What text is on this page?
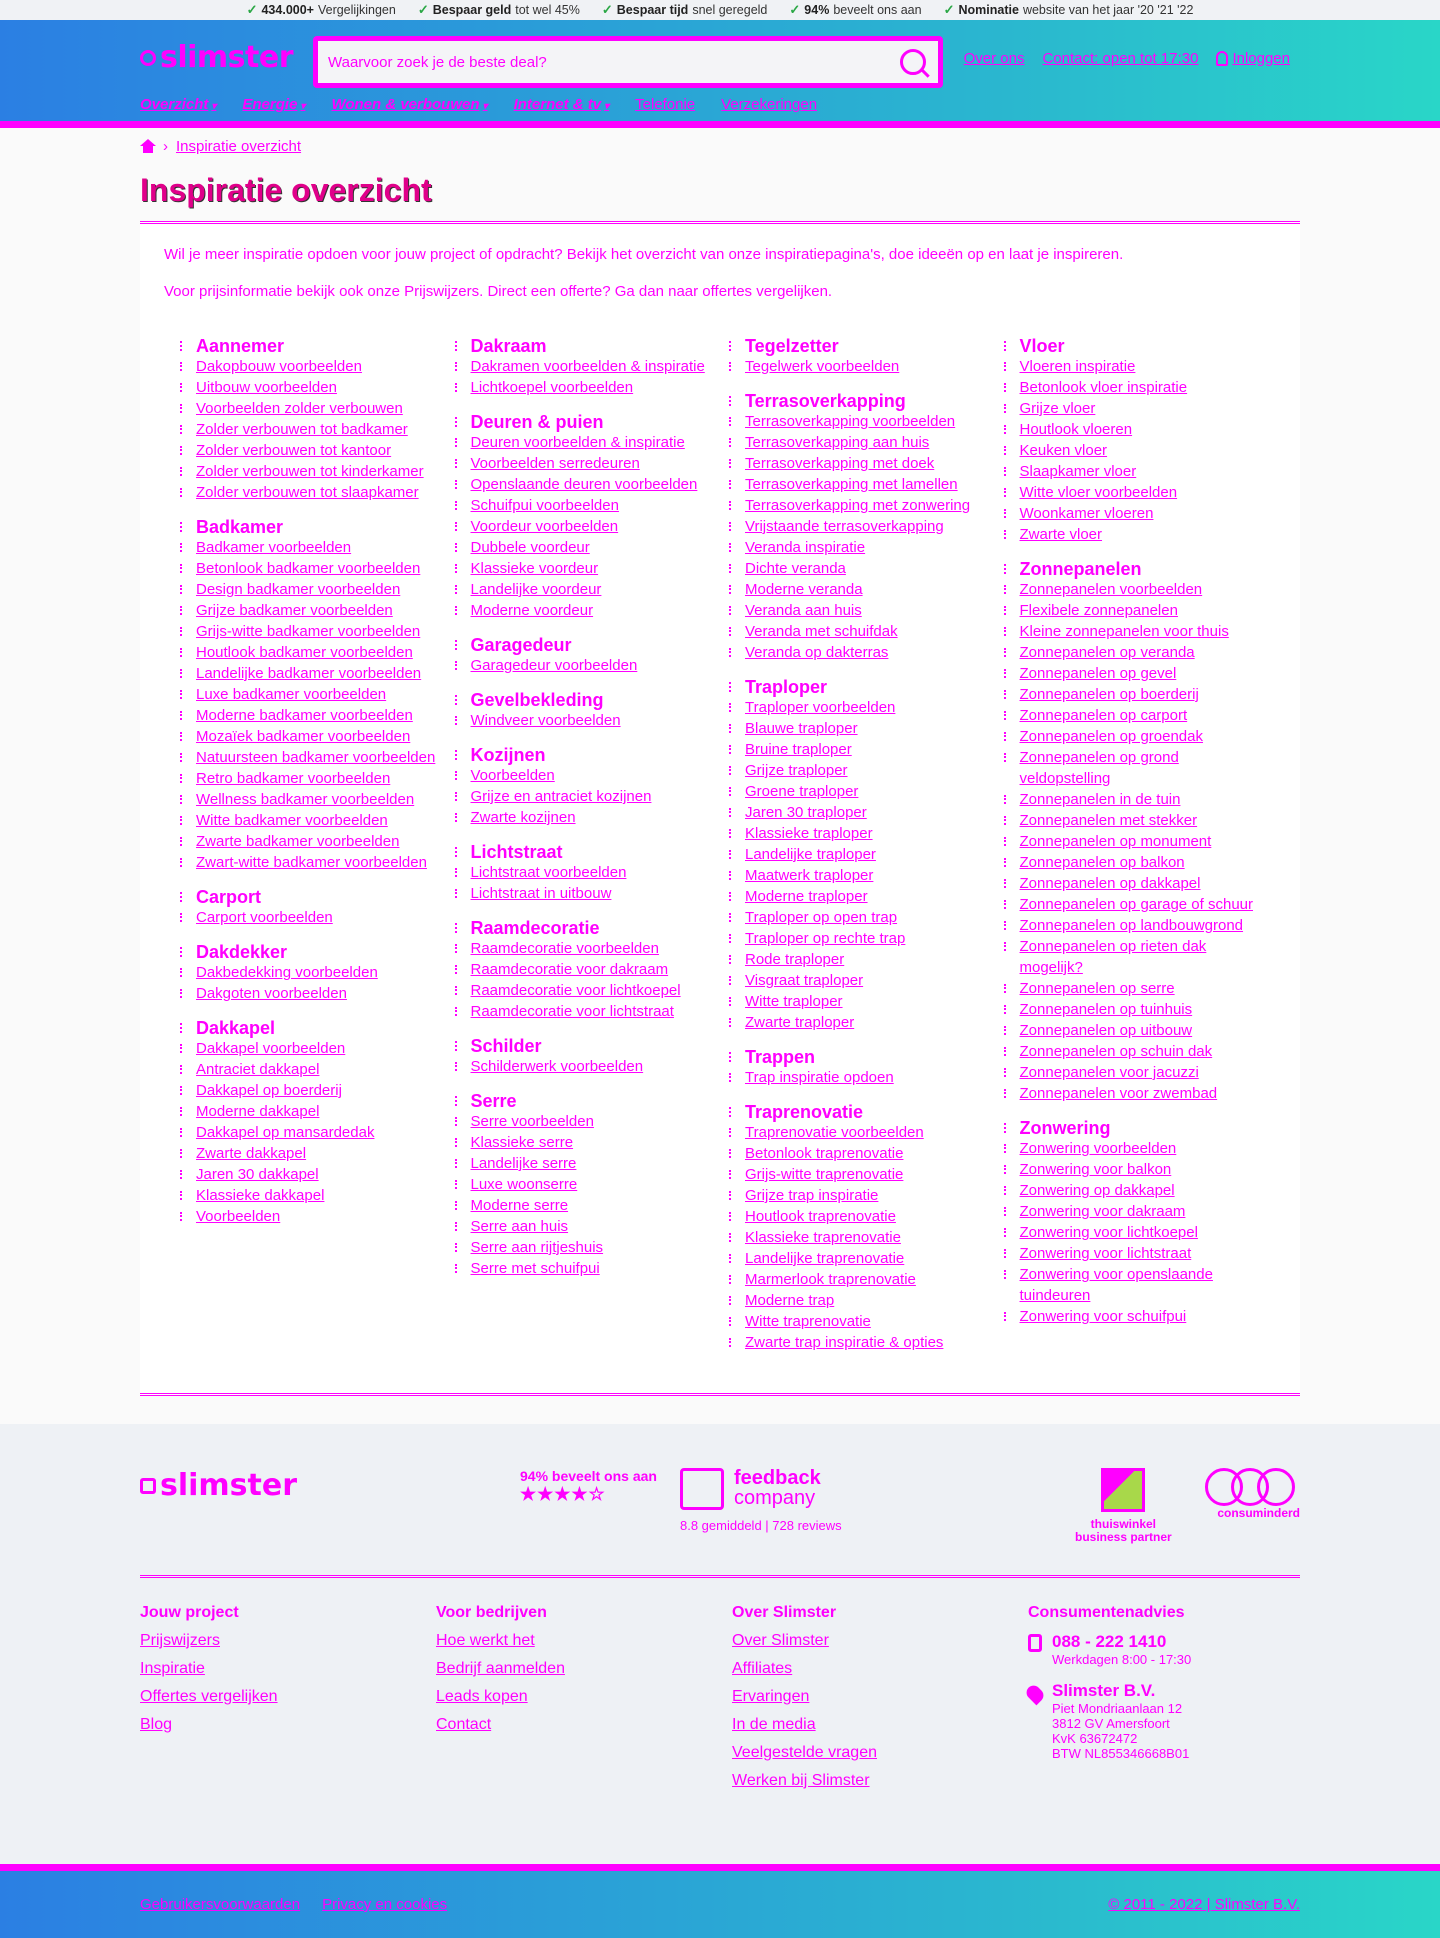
✓ 434.000+ Vergelijkingen ✓ Bespaar geld tot wel 45% ✓ Bespaar tijd snel geregeld ✓ 94% beveelt ons aan ✓ Nominatie website van het jaar '20 '21 '22
slimster
Waarvoor zoek je de beste deal?	Over ons Contact: open tot 17:30 Inloggen
Overzicht ▾ Energie ▾ Wonen & verbouwen ▾ Internet & tv ▾ Telefonie Verzekeringen
› Inspiratie overzicht
Inspiratie overzicht

Wil je meer inspiratie opdoen voor jouw project of opdracht? Bekijk het overzicht van onze inspiratiepagina's, doe ideeën op en laat je inspireren.

Voor prijsinformatie bekijk ook onze Prijswijzers. Direct een offerte? Ga dan naar offertes vergelijken.

Aannemer
Dakopbouw voorbeelden
Uitbouw voorbeelden
Voorbeelden zolder verbouwen
Zolder verbouwen tot badkamer
Zolder verbouwen tot kantoor
Zolder verbouwen tot kinderkamer
Zolder verbouwen tot slaapkamer
Badkamer
Badkamer voorbeelden
Betonlook badkamer voorbeelden
Design badkamer voorbeelden
Grijze badkamer voorbeelden
Grijs-witte badkamer voorbeelden
Houtlook badkamer voorbeelden
Landelijke badkamer voorbeelden
Luxe badkamer voorbeelden
Moderne badkamer voorbeelden
Mozaïek badkamer voorbeelden
Natuursteen badkamer voorbeelden
Retro badkamer voorbeelden
Wellness badkamer voorbeelden
Witte badkamer voorbeelden
Zwarte badkamer voorbeelden
Zwart-witte badkamer voorbeelden
Carport
Carport voorbeelden
Dakdekker
Dakbedekking voorbeelden
Dakgoten voorbeelden
Dakkapel
Dakkapel voorbeelden
Antraciet dakkapel
Dakkapel op boerderij
Moderne dakkapel
Dakkapel op mansardedak
Zwarte dakkapel
Jaren 30 dakkapel
Klassieke dakkapel
Voorbeelden
Dakraam
Dakramen voorbeelden & inspiratie
Lichtkoepel voorbeelden
Deuren & puien
Deuren voorbeelden & inspiratie
Voorbeelden serredeuren
Openslaande deuren voorbeelden
Schuifpui voorbeelden
Voordeur voorbeelden
Dubbele voordeur
Klassieke voordeur
Landelijke voordeur
Moderne voordeur
Garagedeur
Garagedeur voorbeelden
Gevelbekleding
Windveer voorbeelden
Kozijnen
Voorbeelden
Grijze en antraciet kozijnen
Zwarte kozijnen
Lichtstraat
Lichtstraat voorbeelden
Lichtstraat in uitbouw
Raamdecoratie
Raamdecoratie voorbeelden
Raamdecoratie voor dakraam
Raamdecoratie voor lichtkoepel
Raamdecoratie voor lichtstraat
Schilder
Schilderwerk voorbeelden
Serre
Serre voorbeelden
Klassieke serre
Landelijke serre
Luxe woonserre
Moderne serre
Serre aan huis
Serre aan rijtjeshuis
Serre met schuifpui
Tegelzetter
Tegelwerk voorbeelden
Terrasoverkapping
Terrasoverkapping voorbeelden
Terrasoverkapping aan huis
Terrasoverkapping met doek
Terrasoverkapping met lamellen
Terrasoverkapping met zonwering
Vrijstaande terrasoverkapping
Veranda inspiratie
Dichte veranda
Moderne veranda
Veranda aan huis
Veranda met schuifdak
Veranda op dakterras
Traploper
Traploper voorbeelden
Blauwe traploper
Bruine traploper
Grijze traploper
Groene traploper
Jaren 30 traploper
Klassieke traploper
Landelijke traploper
Maatwerk traploper
Moderne traploper
Traploper op open trap
Traploper op rechte trap
Rode traploper
Visgraat traploper
Witte traploper
Zwarte traploper
Trappen
Trap inspiratie opdoen
Traprenovatie
Traprenovatie voorbeelden
Betonlook traprenovatie
Grijs-witte traprenovatie
Grijze trap inspiratie
Houtlook traprenovatie
Klassieke traprenovatie
Landelijke traprenovatie
Marmerlook traprenovatie
Moderne trap
Witte traprenovatie
Zwarte trap inspiratie & opties
Vloer
Vloeren inspiratie
Betonlook vloer inspiratie
Grijze vloer
Houtlook vloeren
Keuken vloer
Slaapkamer vloer
Witte vloer voorbeelden
Woonkamer vloeren
Zwarte vloer
Zonnepanelen
Zonnepanelen voorbeelden
Flexibele zonnepanelen
Kleine zonnepanelen voor thuis
Zonnepanelen op veranda
Zonnepanelen op gevel
Zonnepanelen op boerderij
Zonnepanelen op carport
Zonnepanelen op groendak
Zonnepanelen op grond veldopstelling
Zonnepanelen in de tuin
Zonnepanelen met stekker
Zonnepanelen op monument
Zonnepanelen op balkon
Zonnepanelen op dakkapel
Zonnepanelen op garage of schuur
Zonnepanelen op landbouwgrond
Zonnepanelen op rieten dak mogelijk?
Zonnepanelen op serre
Zonnepanelen op tuinhuis
Zonnepanelen op uitbouw
Zonnepanelen op schuin dak
Zonnepanelen voor jacuzzi
Zonnepanelen voor zwembad
Zonwering
Zonwering voorbeelden
Zonwering voor balkon
Zonwering op dakkapel
Zonwering voor dakraam
Zonwering voor lichtkoepel
Zonwering voor lichtstraat
Zonwering voor openslaande tuindeuren
Zonwering voor schuifpui
slimster	94% beveelt ons aan
★★★★☆
feedback
company
8.8 gemiddeld | 728 reviews	thuiswinkel
business partner
consuminderd
Jouw project
Prijswijzers
Inspiratie
Offertes vergelijken
Blog
Voor bedrijven
Hoe werkt het
Bedrijf aanmelden
Leads kopen
Contact
Over Slimster
Over Slimster
Affiliates
Ervaringen
In de media
Veelgestelde vragen
Werken bij Slimster
Consumentenadvies
088 - 222 1410
Werkdagen 8:00 - 17:30
Slimster B.V.
Piet Mondriaanlaan 12
3812 GV Amersfoort
KvK 63672472
BTW NL855346668B01
Gebruikersvoorwaarden Privacy en cookies	© 2011 - 2022 | Slimster B.V.
